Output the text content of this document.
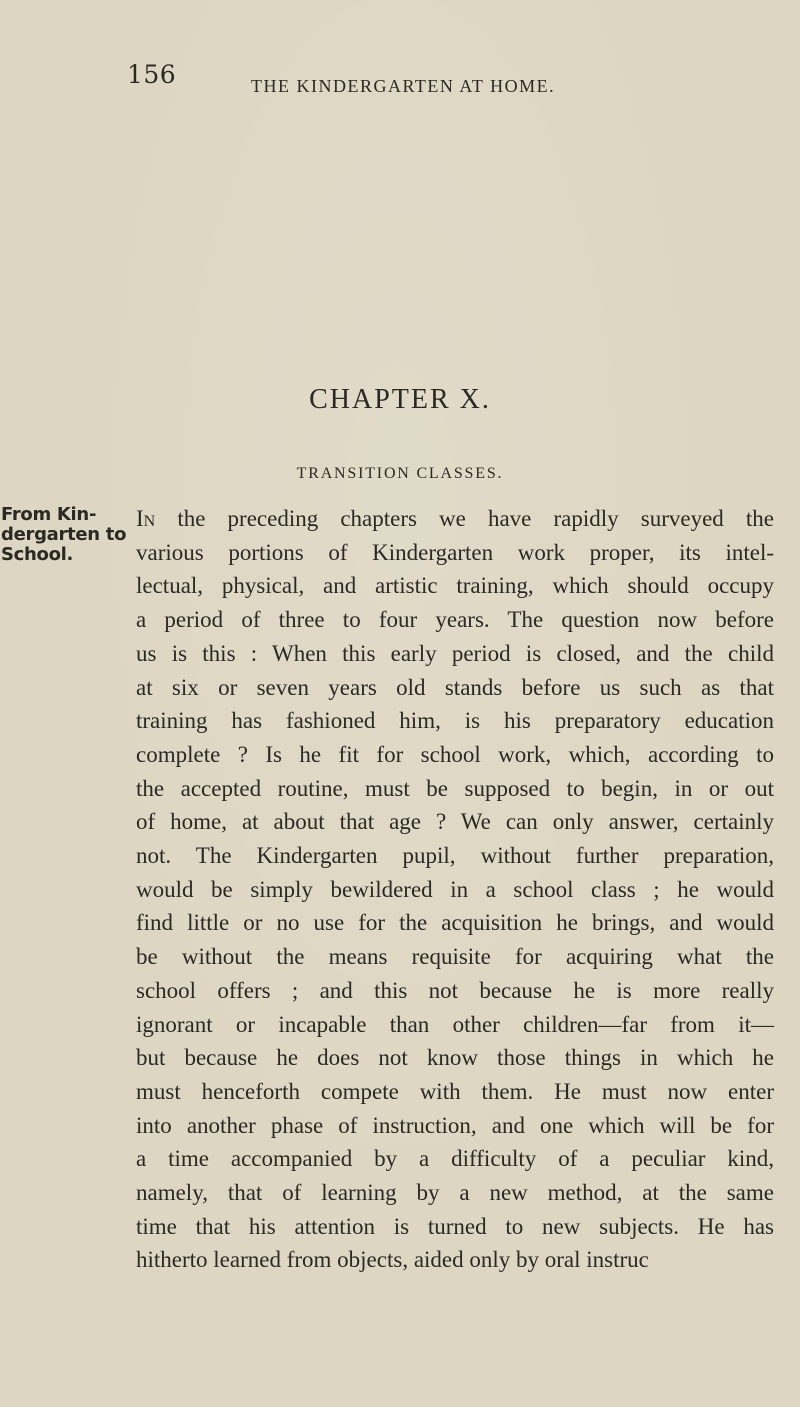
156	THE KINDERGARTEN AT HOME.
CHAPTER X.
TRANSITION CLASSES.
From Kin-
dergarten to
School.
In the preceding chapters we have rapidly surveyed the
various portions of Kindergarten work proper, its intel-
lectual, physical, and artistic training, which should occupy
a period of three to four years. The question now before
us is this : When this early period is closed, and the child
at six or seven years old stands before us such as that
training has fashioned him, is his preparatory education
complete ? Is he fit for school work, which, according to
the accepted routine, must be supposed to begin, in or out
of home, at about that age ? We can only answer, certainly
not. The Kindergarten pupil, without further preparation,
would be simply bewildered in a school class ; he would
find little or no use for the acquisition he brings, and would
be without the means requisite for acquiring what the
school offers ; and this not because he is more really
ignorant or incapable than other children—far from it—
but because he does not know those things in which he
must henceforth compete with them. He must now enter
into another phase of instruction, and one which will be for
a time accompanied by a difficulty of a peculiar kind,
namely, that of learning by a new method, at the same
time that his attention is turned to new subjects. He has
hitherto learned from objects, aided only by oral instruc
